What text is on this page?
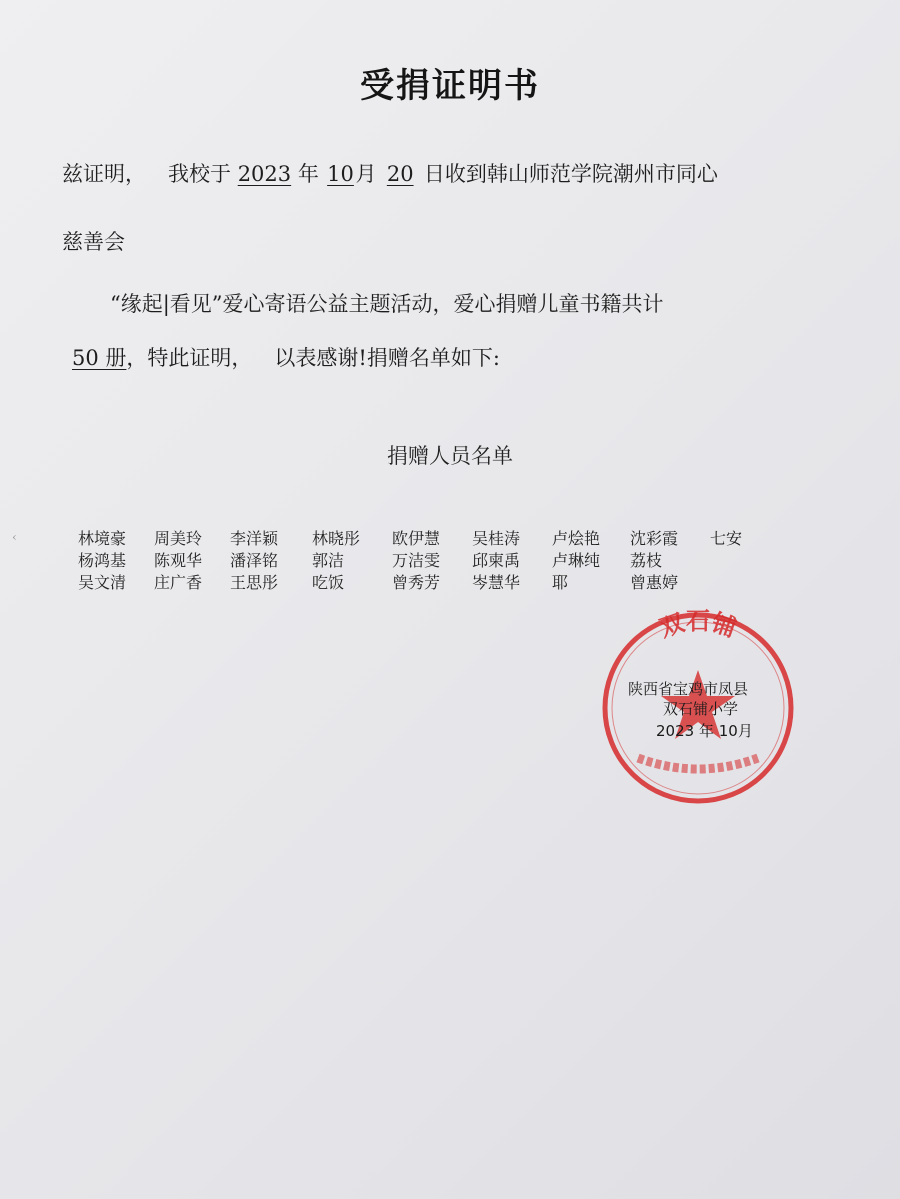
‹
受捐证明书
兹证明， 我校于 2023 年 10月 20 日收到韩山师范学院潮州市同心
慈善会
“缘起|看见”爱心寄语公益主题活动，爱心捐赠儿童书籍共计
50 册，特此证明， 以表感谢!捐赠名单如下:
捐赠人员名单
林境豪 周美玲 李洋颖 林晓彤 欧伊慧 吴桂涛 卢烩艳 沈彩霞 七安
杨鸿基 陈观华 潘泽铭 郭洁	万洁雯 邱柬禹 卢琳纯 荔枝
吴文清 庄广香 王思彤 吃饭	曾秀芳 岑慧华 耶	曾惠婷
双石铺
陕西省宝鸡市凤县
双石铺小学
2023 年 10月
